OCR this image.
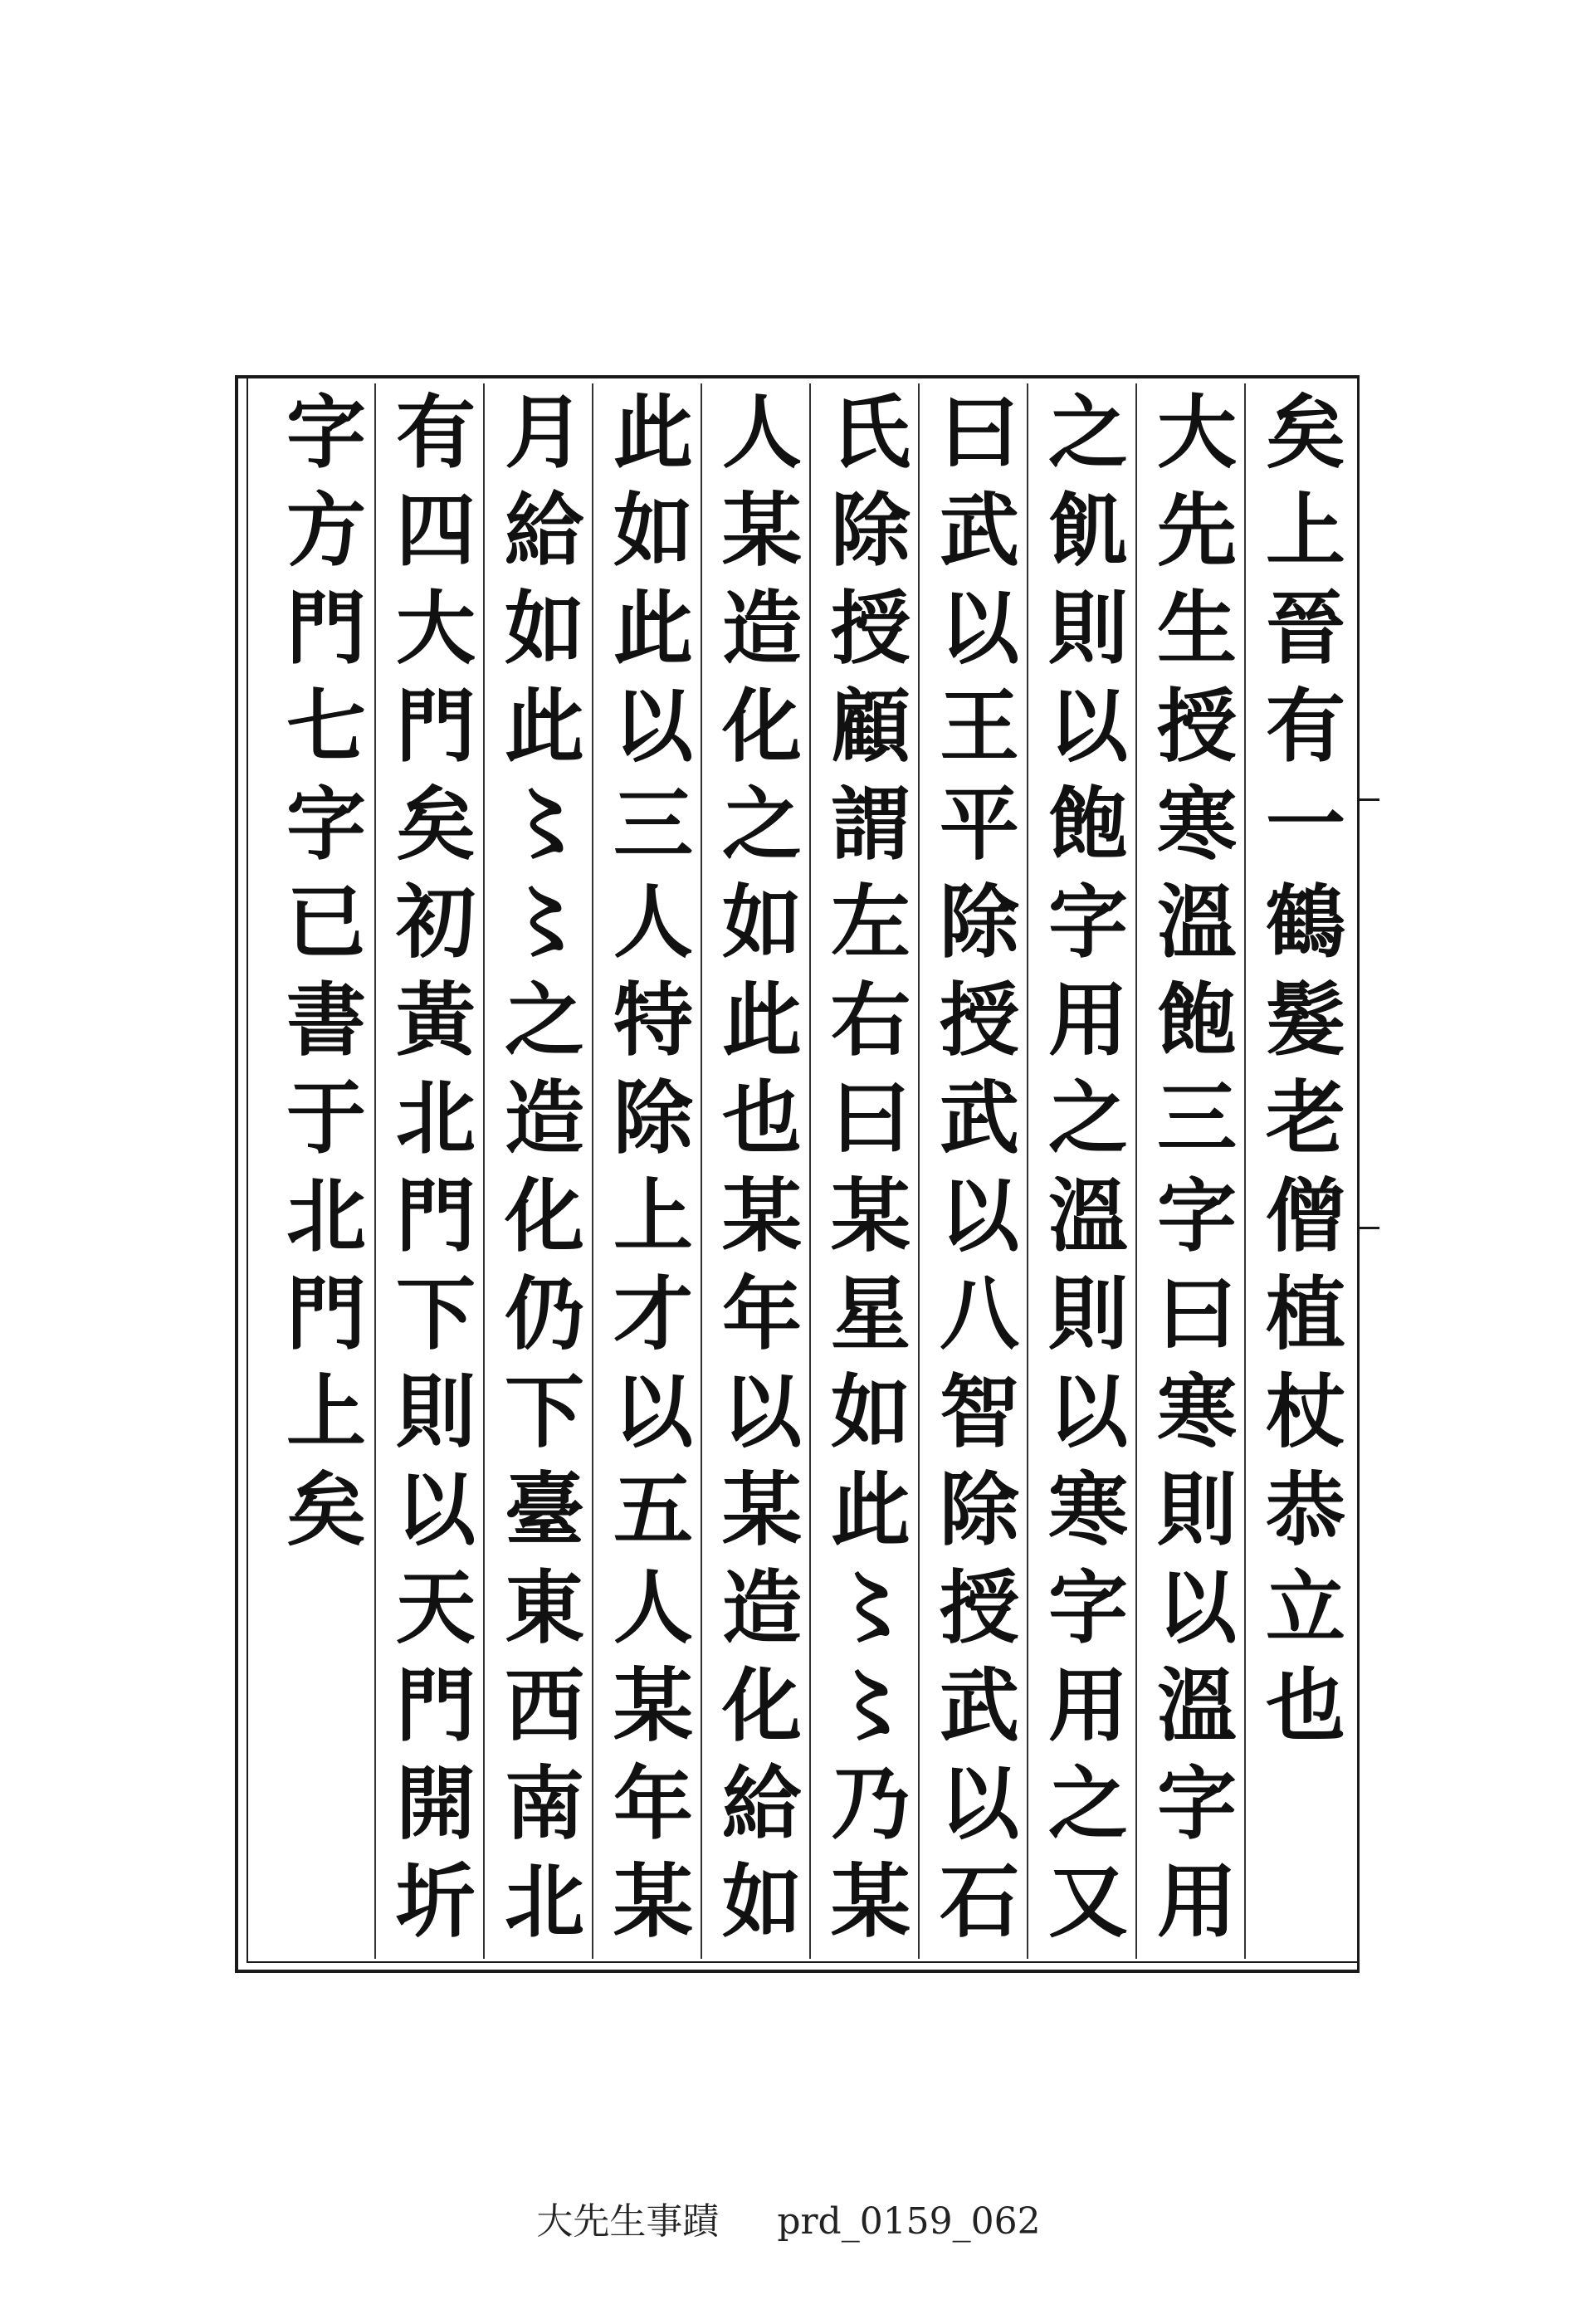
矣上晉有一鶴髮老僧植杖恭立也
大先生授寒溫飽三字曰寒則以溫字用
之飢則以飽字用之溫則以寒字用之又
曰武以王平除授武以八智除授武以石
氏除授顧謂左右曰某星如此〻〻乃某
人某造化之如此也某年以某造化給如
此如此以三人特除上才以五人某年某
月給如此〻〻之造化仍下臺東西南北
有四大門矣初黃北門下則以天門開圻
字方門七字已書于北門上矣
大先生事蹟 prd_0159_062
